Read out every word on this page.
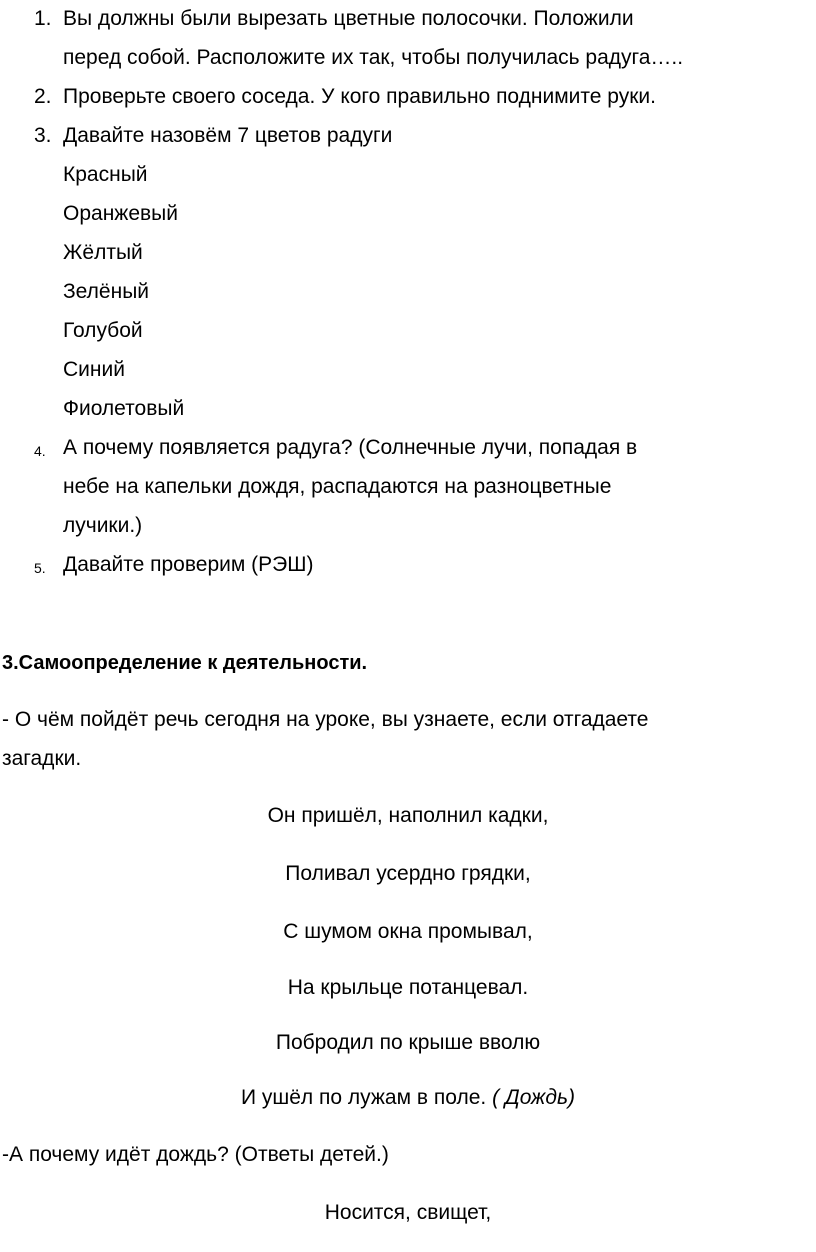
1. Вы должны были вырезать цветные полосочки. Положили
перед собой. Расположите их так, чтобы получилась радуга…..
2. Проверьте своего соседа. У кого правильно поднимите руки.
3. Давайте назовём 7 цветов радуги
Красный
Оранжевый
Жёлтый
Зелёный
Голубой
Синий
Фиолетовый
4. А почему появляется радуга? (Солнечные лучи, попадая в
небе на капельки дождя, распадаются на разноцветные
лучики.)
5. Давайте проверим (РЭШ)
3.Самоопределение к деятельности.
- О чём пойдёт речь сегодня на уроке, вы узнаете, если отгадаете
загадки.
Он пришёл, наполнил кадки,
Поливал усердно грядки,
С шумом окна промывал,
На крыльце потанцевал.
Побродил по крыше вволю
И ушёл по лужам в поле. ( Дождь)
-А почему идёт дождь? (Ответы детей.)
Носится, свищет,
